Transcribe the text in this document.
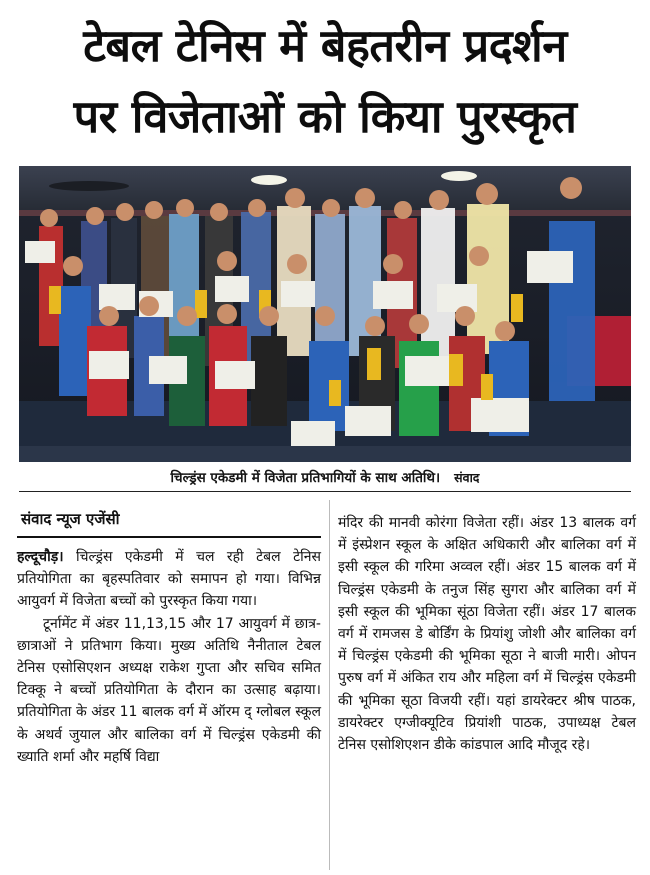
टेबल टेनिस में बेहतरीन प्रदर्शन
पर विजेताओं को किया पुरस्कृत
चिल्ड्रंस एकेडमी में विजेता प्रतिभागियों के साथ अतिथि। संवाद
संवाद न्यूज एजेंसी

हल्दूचौड़। चिल्ड्रंस एकेडमी में चल रही टेबल टेनिस प्रतियोगिता का बृहस्पतिवार को समापन हो गया। विभिन्न आयुवर्ग में विजेता बच्चों को पुरस्कृत किया गया।

टूर्नामेंट में अंडर 11,13,15 और 17 आयुवर्ग में छात्र-छात्राओं ने प्रतिभाग किया। मुख्य अतिथि नैनीताल टेबल टेनिस एसोसिएशन अध्यक्ष राकेश गुप्ता और सचिव समित टिक्कू ने बच्चों प्रतियोगिता के दौरान का उत्साह बढ़ाया। प्रतियोगिता के अंडर 11 बालक वर्ग में ऑरम द् ग्लोबल स्कूल के अथर्व जुयाल और बालिका वर्ग में चिल्ड्रंस एकेडमी की ख्याति शर्मा और महर्षि विद्या

मंदिर की मानवी कोरंगा विजेता रहीं। अंडर 13 बालक वर्ग में इंस्प्रेशन स्कूल के अक्षित अधिकारी और बालिका वर्ग में इसी स्कूल की गरिमा अव्वल रहीं। अंडर 15 बालक वर्ग में चिल्ड्रंस एकेडमी के तनुज सिंह सुगरा और बालिका वर्ग में इसी स्कूल की भूमिका सूंठा विजेता रहीं। अंडर 17 बालक वर्ग में रामजस डे बोर्डिंग के प्रियांशु जोशी और बालिका वर्ग में चिल्ड्रंस एकेडमी की भूमिका सूठा ने बाजी मारी। ओपन पुरुष वर्ग में अंकित राय और महिला वर्ग में चिल्ड्रंस एकेडमी की भूमिका सूठा विजयी रहीं। यहां डायरेक्टर श्रीष पाठक, डायरेक्टर एग्जीक्यूटिव प्रियांशी पाठक, उपाध्यक्ष टेबल टेनिस एसोशिएशन डीके कांडपाल आदि मौजूद रहे।
